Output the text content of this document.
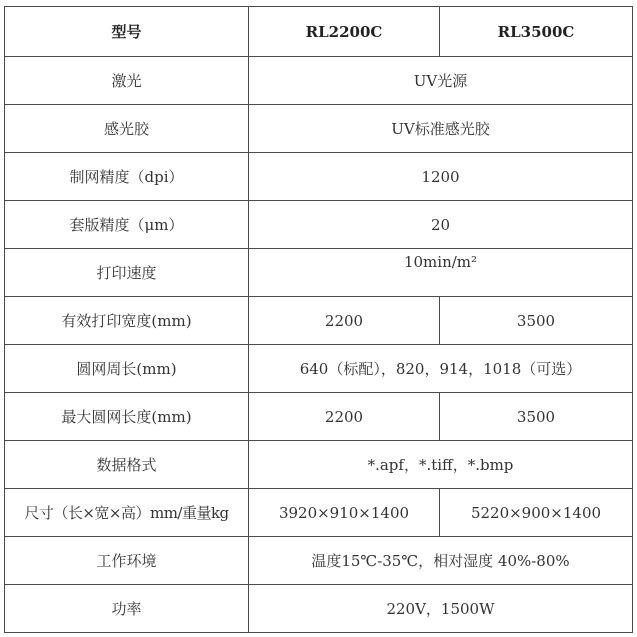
型号	RL2200C	RL3500C
激光	UV光源	
感光胶	UV标准感光胶	
制网精度（dpi）	1200	
套版精度（μm）	20	
打印速度	10min/m²	
有效打印宽度(mm)	2200	3500
圆网周长(mm)	640（标配），820，914，1018（可选）	
最大圆网长度(mm)	2200	3500
数据格式	*.apf，*.tiff，*.bmp	
尺寸（长×宽×高）mm/重量kg	3920×910×1400	5220×900×1400
工作环境	温度15℃-35℃，相对湿度 40%-80%	
功率	220V，1500W	
